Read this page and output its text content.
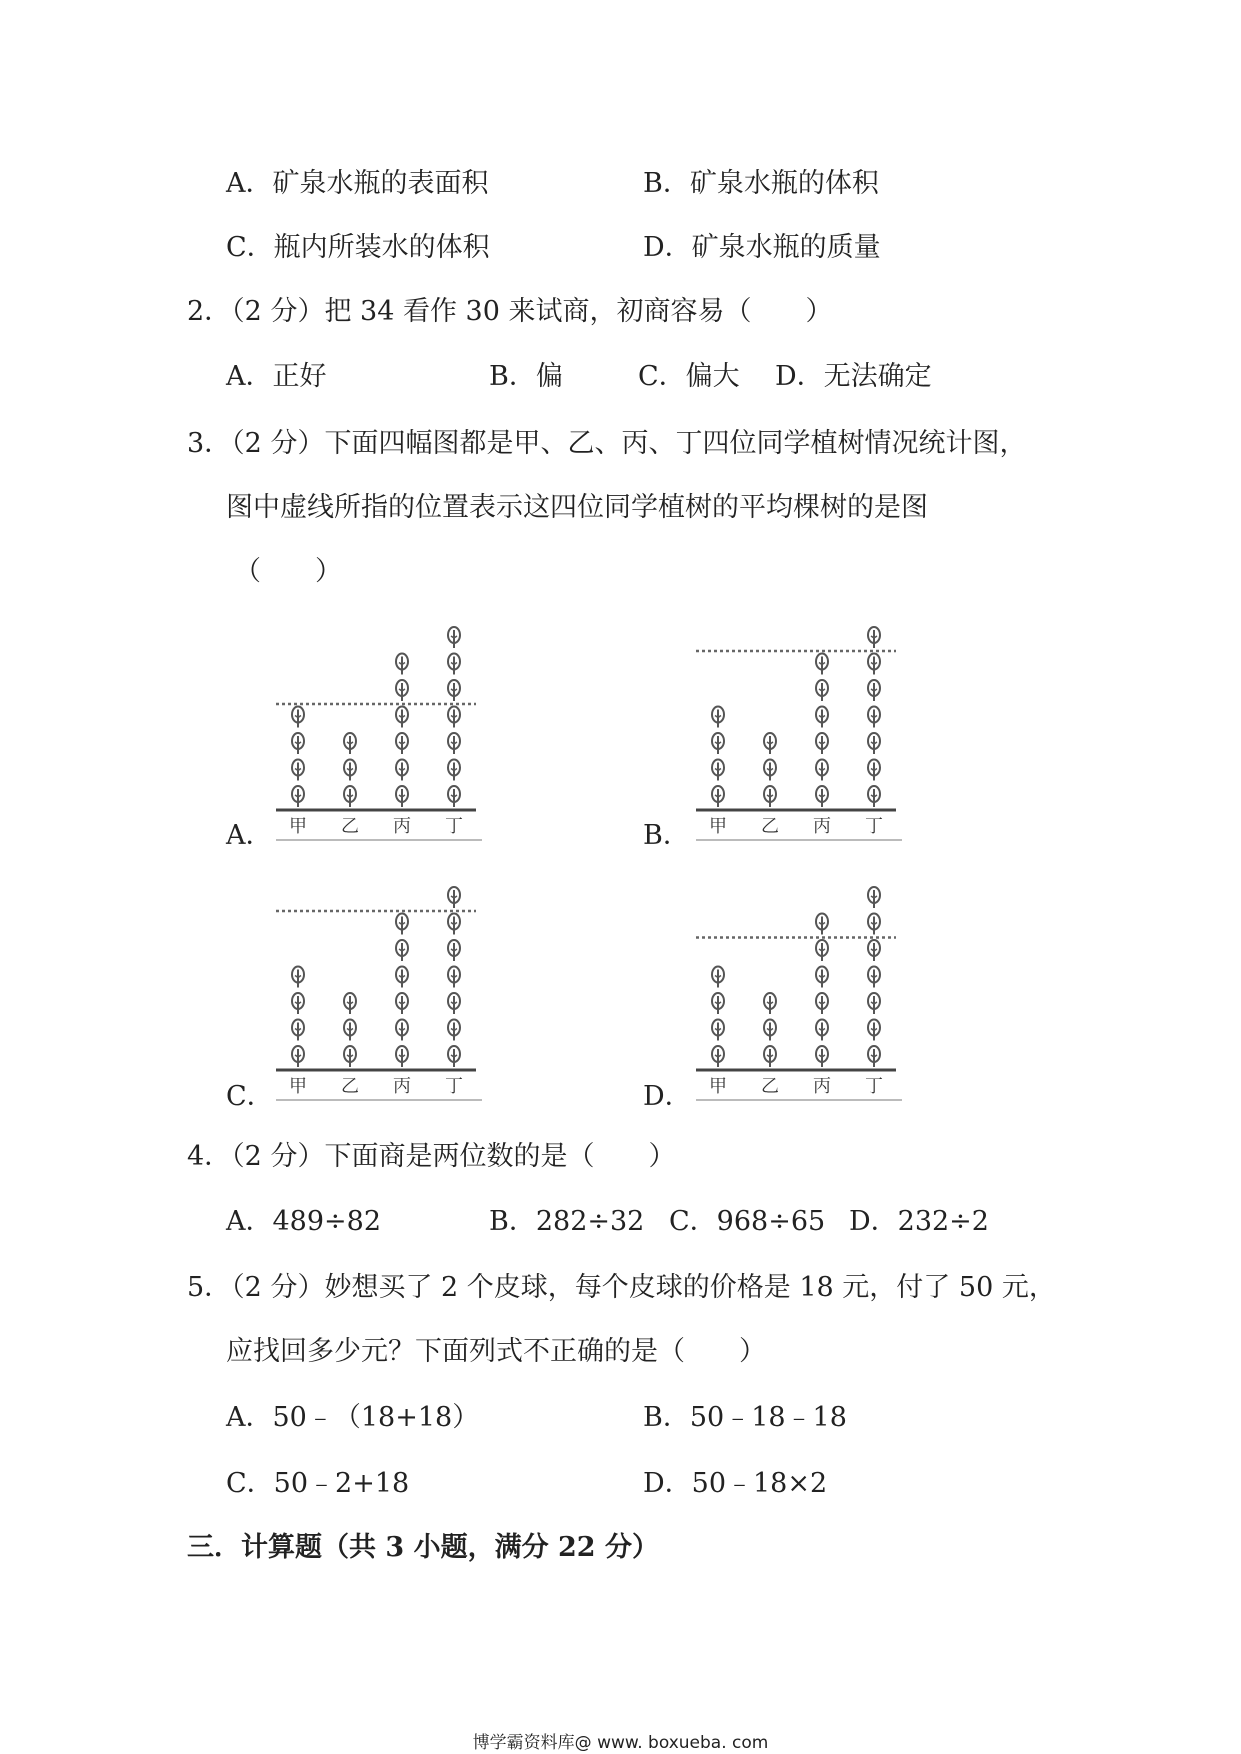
A．矿泉水瓶的表面积	B．矿泉水瓶的体积
C．瓶内所装水的体积	D．矿泉水瓶的质量
2．（2 分）把 34 看作 30 来试商，初商容易（　　）
A．正好	B．偏	C．偏大 D．无法确定
3．（2 分）下面四幅图都是甲、乙、丙、丁四位同学植树情况统计图，
图中虚线所指的位置表示这四位同学植树的平均棵树的是图
（　　）
A．	B．
C．	D．
甲 乙 丙 丁	甲 乙 丙 丁
甲 乙 丙 丁	甲 乙 丙 丁
4．（2 分）下面商是两位数的是（　　）
A．489÷82	B．282÷32 C．968÷65 D．232÷2
5．（2 分）妙想买了 2 个皮球，每个皮球的价格是 18 元，付了 50 元，
应找回多少元？下面列式不正确的是（　　）
A．50﹣（18+18）	B．50﹣18﹣18
C．50﹣2+18	D．50﹣18×2
三．计算题（共 3 小题，满分 22 分）
博学霸资料库@ www. boxueba. com
